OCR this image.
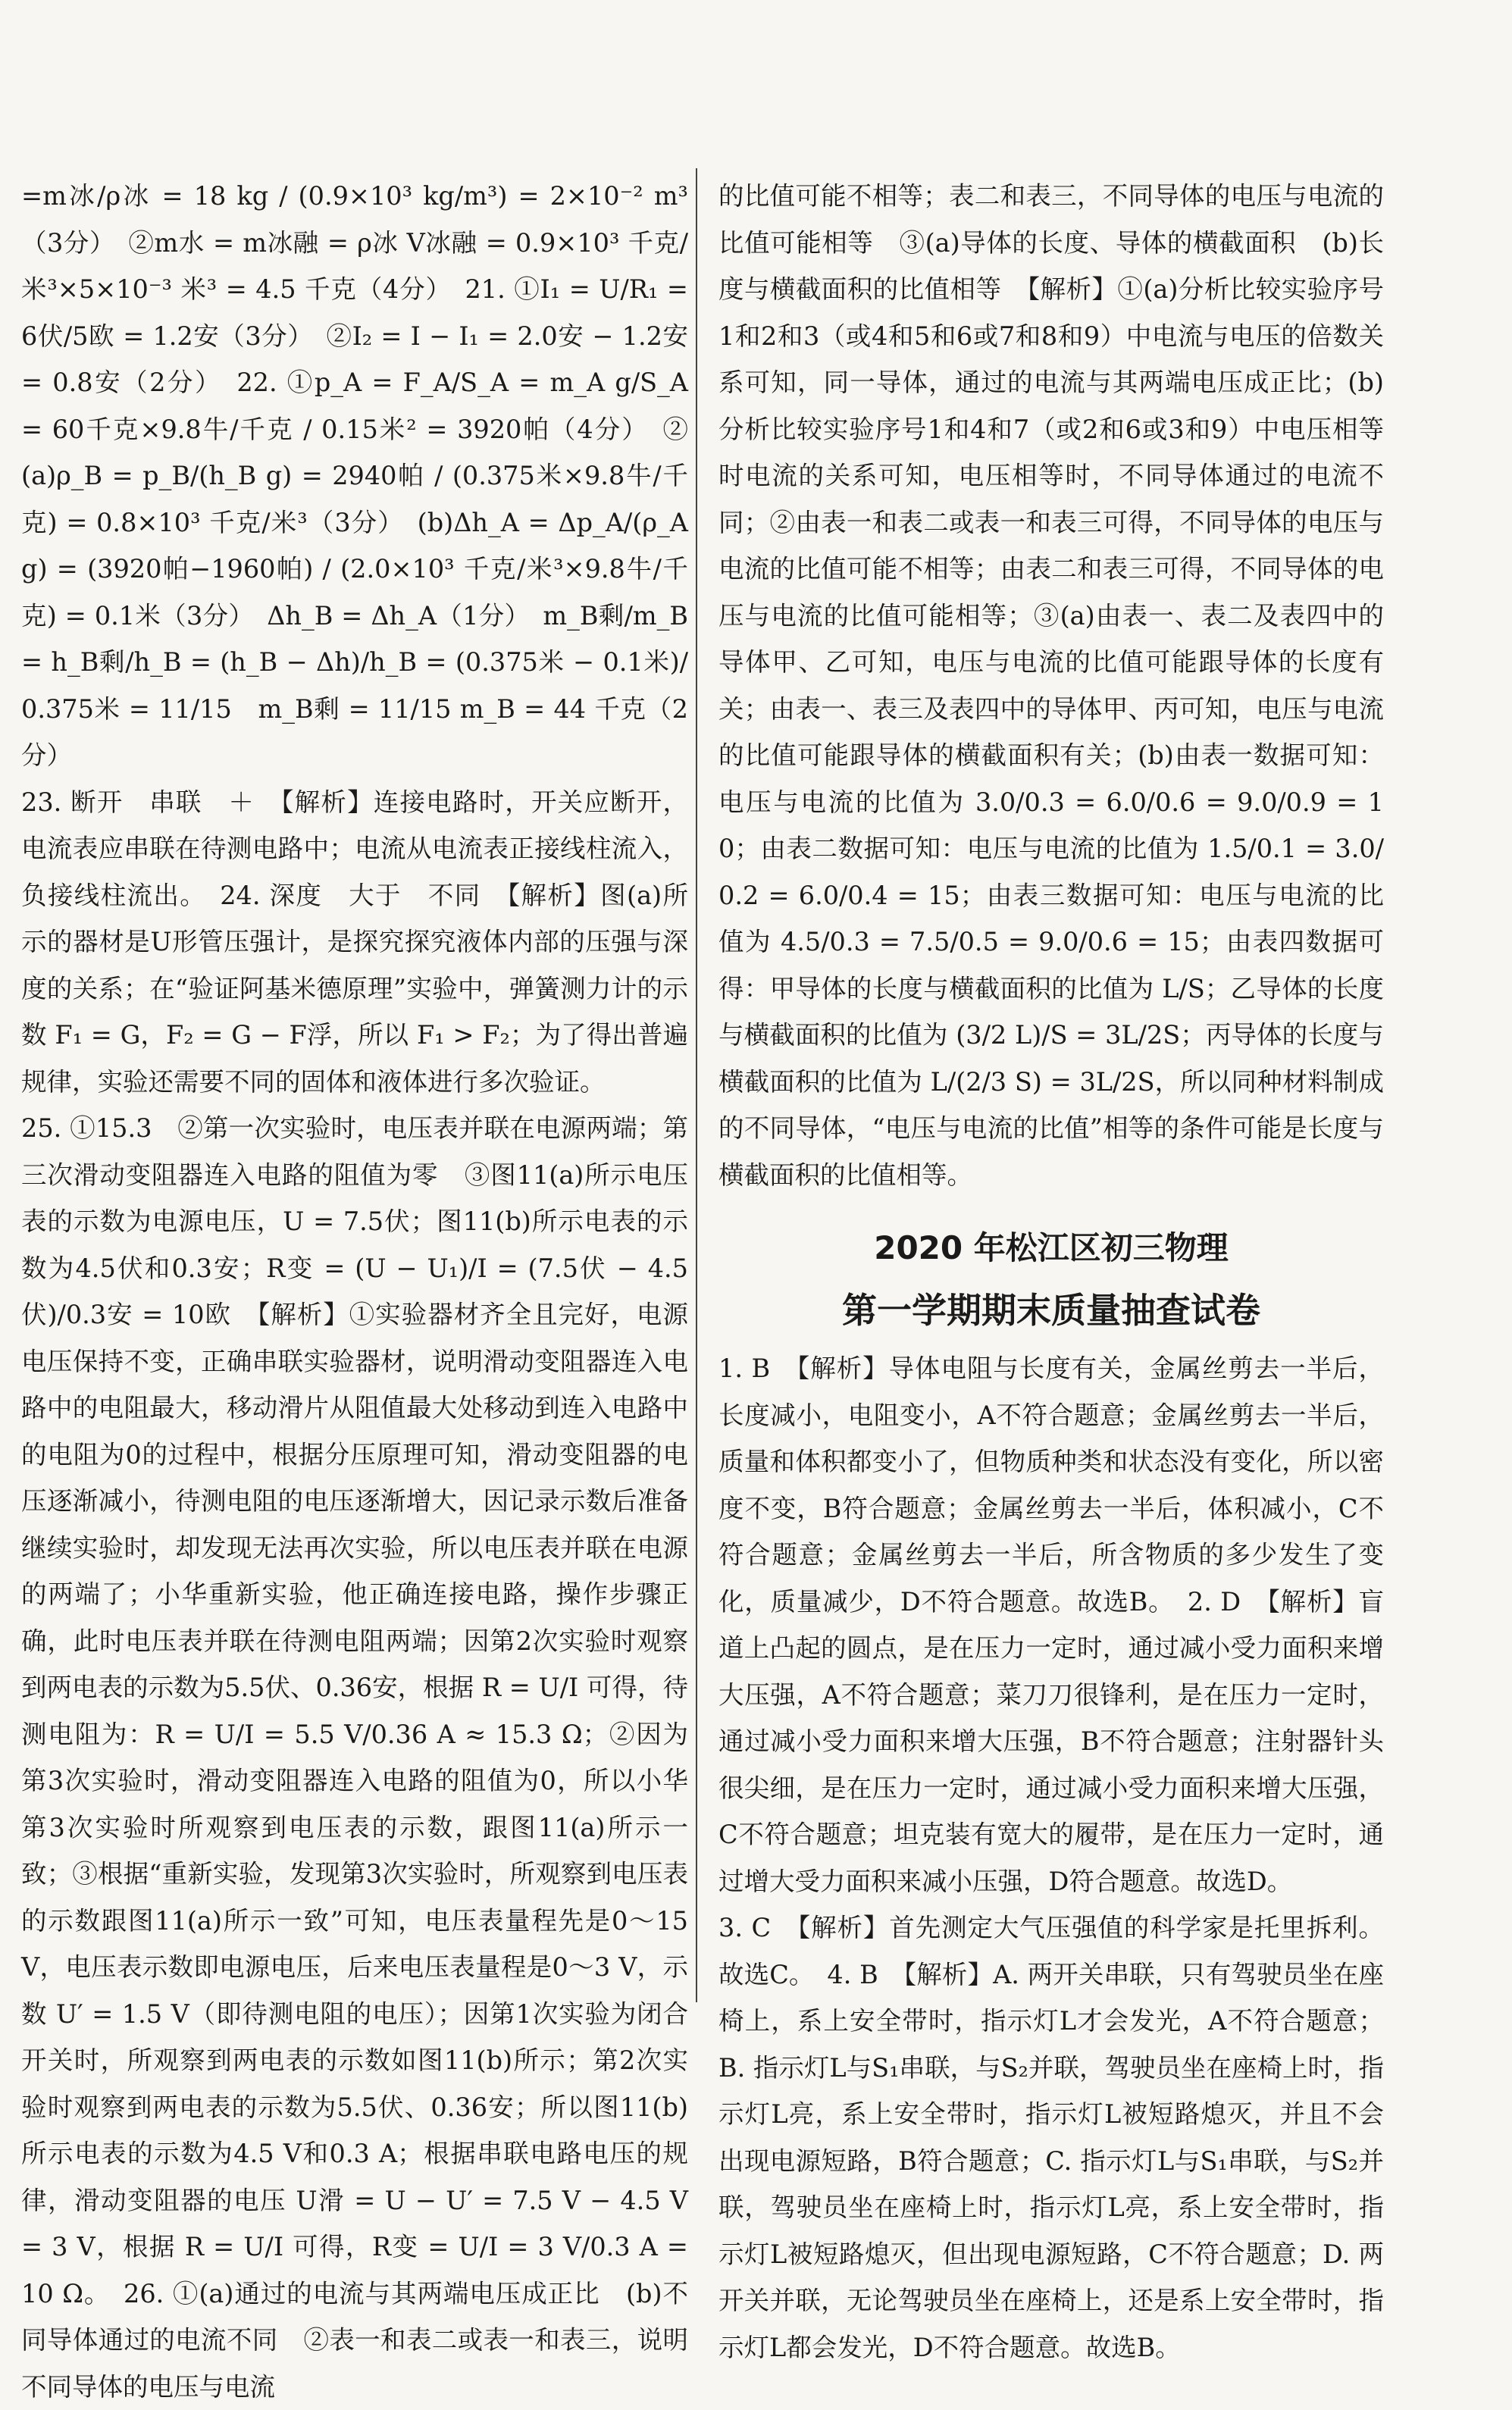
=m冰/ρ冰 = 18 kg / (0.9×10³ kg/m³) = 2×10⁻² m³（3分）　②m水 = m冰融 = ρ冰 V冰融 = 0.9×10³ 千克/米³×5×10⁻³ 米³ = 4.5 千克（4分）　21. ①I₁ = U/R₁ = 6伏/5欧 = 1.2安（3分）　②I₂ = I − I₁ = 2.0安 − 1.2安 = 0.8安（2分）　22. ①p_A = F_A/S_A = m_A g/S_A = 60千克×9.8牛/千克 / 0.15米² = 3920帕（4分）　②(a)ρ_B = p_B/(h_B g) = 2940帕 / (0.375米×9.8牛/千克) = 0.8×10³ 千克/米³（3分）　(b)Δh_A = Δp_A/(ρ_A g) = (3920帕−1960帕) / (2.0×10³ 千克/米³×9.8牛/千克) = 0.1米（3分）　Δh_B = Δh_A（1分）　m_B剩/m_B = h_B剩/h_B = (h_B − Δh)/h_B = (0.375米 − 0.1米)/0.375米 = 11/15　m_B剩 = 11/15 m_B = 44 千克（2分）

23. 断开　串联　＋　【解析】连接电路时，开关应断开，电流表应串联在待测电路中；电流从电流表正接线柱流入，负接线柱流出。　24. 深度　大于　不同　【解析】图(a)所示的器材是U形管压强计，是探究探究液体内部的压强与深度的关系；在“验证阿基米德原理”实验中，弹簧测力计的示数 F₁ = G，F₂ = G − F浮，所以 F₁ > F₂；为了得出普遍规律，实验还需要不同的固体和液体进行多次验证。

25. ①15.3　②第一次实验时，电压表并联在电源两端；第三次滑动变阻器连入电路的阻值为零　③图11(a)所示电压表的示数为电源电压，U = 7.5伏；图11(b)所示电表的示数为4.5伏和0.3安；R变 = (U − U₁)/I = (7.5伏 − 4.5伏)/0.3安 = 10欧　【解析】①实验器材齐全且完好，电源电压保持不变，正确串联实验器材，说明滑动变阻器连入电路中的电阻最大，移动滑片从阻值最大处移动到连入电路中的电阻为0的过程中，根据分压原理可知，滑动变阻器的电压逐渐减小，待测电阻的电压逐渐增大，因记录示数后准备继续实验时，却发现无法再次实验，所以电压表并联在电源的两端了；小华重新实验，他正确连接电路，操作步骤正确，此时电压表并联在待测电阻两端；因第2次实验时观察到两电表的示数为5.5伏、0.36安，根据 R = U/I 可得，待测电阻为：R = U/I = 5.5 V/0.36 A ≈ 15.3 Ω；②因为第3次实验时，滑动变阻器连入电路的阻值为0，所以小华第3次实验时所观察到电压表的示数，跟图11(a)所示一致；③根据“重新实验，发现第3次实验时，所观察到电压表的示数跟图11(a)所示一致”可知，电压表量程先是0～15 V，电压表示数即电源电压，后来电压表量程是0～3 V，示数 U′ = 1.5 V（即待测电阻的电压）；因第1次实验为闭合开关时，所观察到两电表的示数如图11(b)所示；第2次实验时观察到两电表的示数为5.5伏、0.36安；所以图11(b)所示电表的示数为4.5 V和0.3 A；根据串联电路电压的规律，滑动变阻器的电压 U滑 = U − U′ = 7.5 V − 4.5 V = 3 V，根据 R = U/I 可得，R变 = U/I = 3 V/0.3 A = 10 Ω。　26. ①(a)通过的电流与其两端电压成正比　(b)不同导体通过的电流不同　②表一和表二或表一和表三，说明不同导体的电压与电流

的比值可能不相等；表二和表三，不同导体的电压与电流的比值可能相等　③(a)导体的长度、导体的横截面积　(b)长度与横截面积的比值相等　【解析】①(a)分析比较实验序号1和2和3（或4和5和6或7和8和9）中电流与电压的倍数关系可知，同一导体，通过的电流与其两端电压成正比；(b)分析比较实验序号1和4和7（或2和6或3和9）中电压相等时电流的关系可知，电压相等时，不同导体通过的电流不同；②由表一和表二或表一和表三可得，不同导体的电压与电流的比值可能不相等；由表二和表三可得，不同导体的电压与电流的比值可能相等；③(a)由表一、表二及表四中的导体甲、乙可知，电压与电流的比值可能跟导体的长度有关；由表一、表三及表四中的导体甲、丙可知，电压与电流的比值可能跟导体的横截面积有关；(b)由表一数据可知：电压与电流的比值为 3.0/0.3 = 6.0/0.6 = 9.0/0.9 = 10；由表二数据可知：电压与电流的比值为 1.5/0.1 = 3.0/0.2 = 6.0/0.4 = 15；由表三数据可知：电压与电流的比值为 4.5/0.3 = 7.5/0.5 = 9.0/0.6 = 15；由表四数据可得：甲导体的长度与横截面积的比值为 L/S；乙导体的长度与横截面积的比值为 (3/2 L)/S = 3L/2S；丙导体的长度与横截面积的比值为 L/(2/3 S) = 3L/2S，所以同种材料制成的不同导体，“电压与电流的比值”相等的条件可能是长度与横截面积的比值相等。

2020 年松江区初三物理
第一学期期末质量抽查试卷

1. B　【解析】导体电阻与长度有关，金属丝剪去一半后，长度减小，电阻变小，A不符合题意；金属丝剪去一半后，质量和体积都变小了，但物质种类和状态没有变化，所以密度不变，B符合题意；金属丝剪去一半后，体积减小，C不符合题意；金属丝剪去一半后，所含物质的多少发生了变化，质量减少，D不符合题意。故选B。　2. D　【解析】盲道上凸起的圆点，是在压力一定时，通过减小受力面积来增大压强，A不符合题意；菜刀刀很锋利，是在压力一定时，通过减小受力面积来增大压强，B不符合题意；注射器针头很尖细，是在压力一定时，通过减小受力面积来增大压强，C不符合题意；坦克装有宽大的履带，是在压力一定时，通过增大受力面积来减小压强，D符合题意。故选D。

3. C　【解析】首先测定大气压强值的科学家是托里拆利。故选C。　4. B　【解析】A. 两开关串联，只有驾驶员坐在座椅上，系上安全带时，指示灯L才会发光，A不符合题意；B. 指示灯L与S₁串联，与S₂并联，驾驶员坐在座椅上时，指示灯L亮，系上安全带时，指示灯L被短路熄灭，并且不会出现电源短路，B符合题意；C. 指示灯L与S₁串联，与S₂并联，驾驶员坐在座椅上时，指示灯L亮，系上安全带时，指示灯L被短路熄灭，但出现电源短路，C不符合题意；D. 两开关并联，无论驾驶员坐在座椅上，还是系上安全带时，指示灯L都会发光，D不符合题意。故选B。
